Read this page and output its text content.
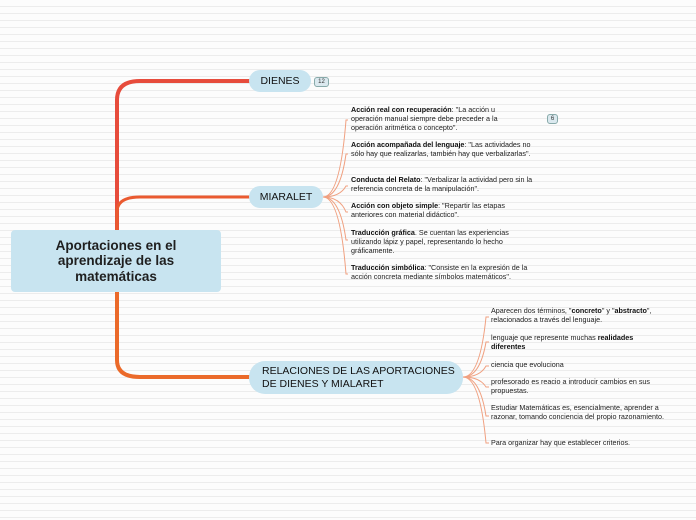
Aportaciones en el
aprendizaje de las
matemáticas
DIENES	12
MIARALET
6
Acción real con recuperación: "La acción u operación manual siempre debe preceder a la operación aritmética o concepto".
Acción acompañada del lenguaje: "Las actividades no sólo hay que realizarlas, también hay que verbalizarlas".
Conducta del Relato: "Verbalizar la actividad pero sin la referencia concreta de la manipulación".
Acción con objeto simple: "Repartir las etapas anteriores con material didáctico".
Traducción gráfica. Se cuentan las experiencias utilizando lápiz y papel, representando lo hecho gráficamente.
Traducción simbólica: "Consiste en la expresión de la acción concreta mediante símbolos matemáticos".
RELACIONES DE LAS APORTACIONES
DE DIENES Y MIALARET
Aparecen dos términos, "concreto" y "abstracto", relacionados a través del lenguaje.
lenguaje que represente muchas realidades diferentes
ciencia que evoluciona
profesorado es reacio a introducir cambios en sus propuestas.
Estudiar Matemáticas es, esencialmente, aprender a razonar, tomando conciencia del propio razonamiento.
Para organizar hay que establecer criterios.
